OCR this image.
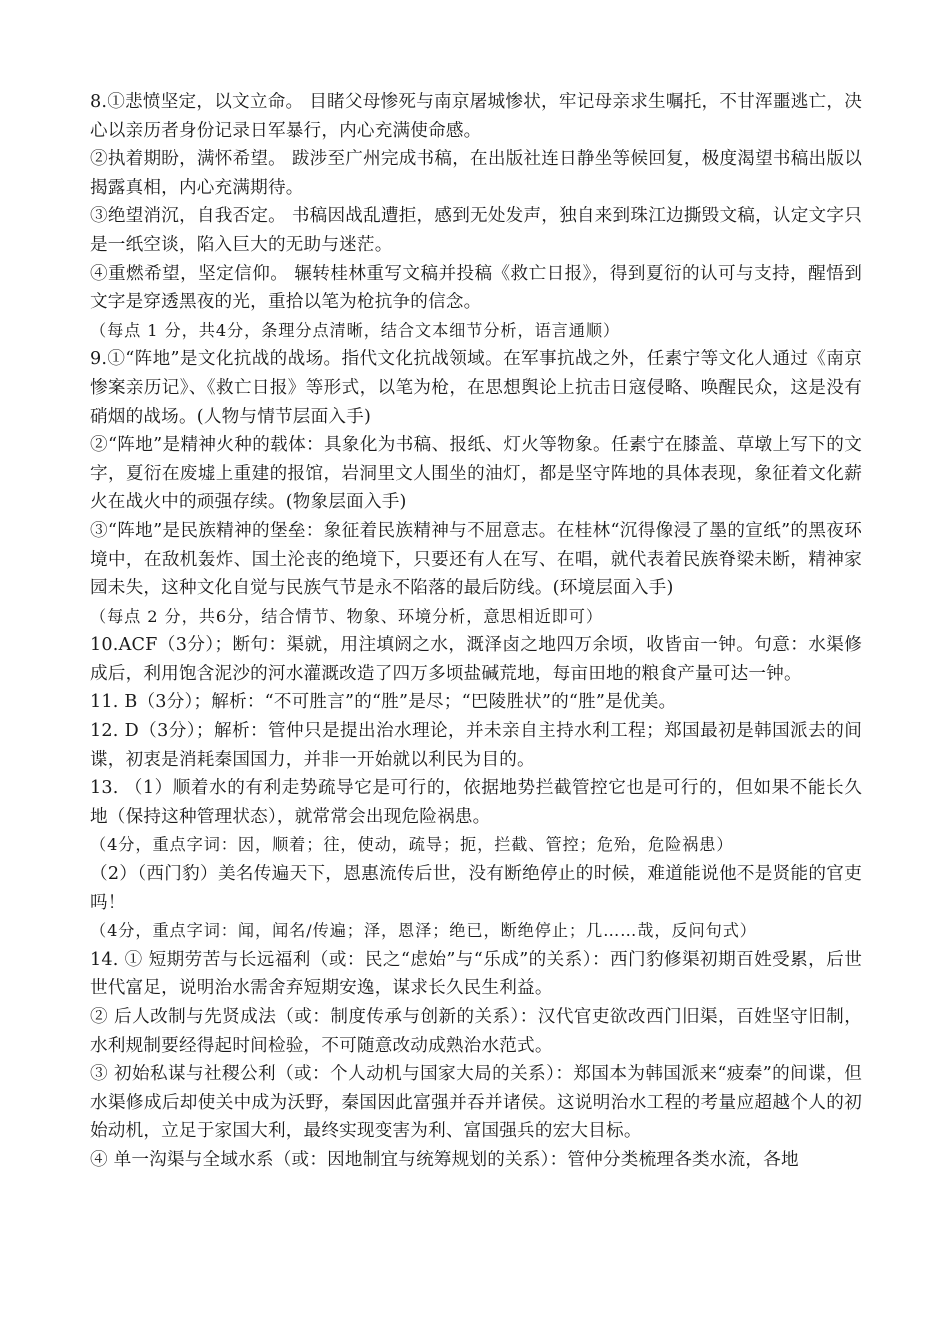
8.①悲愤坚定，以文立命。 目睹父母惨死与南京屠城惨状，牢记母亲求生嘱托，不甘浑噩逃亡，决心以亲历者身份记录日军暴行，内心充满使命感。

②执着期盼，满怀希望。 跋涉至广州完成书稿，在出版社连日静坐等候回复，极度渴望书稿出版以揭露真相，内心充满期待。

③绝望消沉，自我否定。 书稿因战乱遭拒，感到无处发声，独自来到珠江边撕毁文稿，认定文字只是一纸空谈，陷入巨大的无助与迷茫。

④重燃希望，坚定信仰。 辗转桂林重写文稿并投稿《救亡日报》，得到夏衍的认可与支持，醒悟到文字是穿透黑夜的光，重拾以笔为枪抗争的信念。

（每点 1 分，共4分，条理分点清晰，结合文本细节分析，语言通顺）

9.①“阵地”是文化抗战的战场。指代文化抗战领域。在军事抗战之外，任素宁等文化人通过《南京惨案亲历记》、《救亡日报》等形式，以笔为枪，在思想舆论上抗击日寇侵略、唤醒民众，这是没有硝烟的战场。(人物与情节层面入手)

②“阵地”是精神火种的载体：具象化为书稿、报纸、灯火等物象。任素宁在膝盖、草墩上写下的文字，夏衍在废墟上重建的报馆，岩洞里文人围坐的油灯，都是坚守阵地的具体表现，象征着文化薪火在战火中的顽强存续。(物象层面入手)

③“阵地”是民族精神的堡垒：象征着民族精神与不屈意志。在桂林“沉得像浸了墨的宣纸”的黑夜环境中，在敌机轰炸、国土沦丧的绝境下，只要还有人在写、在唱，就代表着民族脊梁未断，精神家园未失，这种文化自觉与民族气节是永不陷落的最后防线。(环境层面入手)

（每点 2 分，共6分，结合情节、物象、环境分析，意思相近即可）

10.ACF（3分）；断句：渠就，用注填阏之水，溉泽卤之地四万余顷，收皆亩一钟。句意：水渠修成后，利用饱含泥沙的河水灌溉改造了四万多顷盐碱荒地，每亩田地的粮食产量可达一钟。

11. B（3分）；解析：“不可胜言”的“胜”是尽；“巴陵胜状”的“胜”是优美。

12. D（3分）；解析：管仲只是提出治水理论，并未亲自主持水利工程；郑国最初是韩国派去的间谍，初衷是消耗秦国国力，并非一开始就以利民为目的。

13. （1）顺着水的有利走势疏导它是可行的，依据地势拦截管控它也是可行的，但如果不能长久地（保持这种管理状态），就常常会出现危险祸患。

（4分，重点字词：因，顺着；往，使动，疏导；扼，拦截、管控；危殆，危险祸患）

（2）（西门豹）美名传遍天下，恩惠流传后世，没有断绝停止的时候，难道能说他不是贤能的官吏吗！

（4分，重点字词：闻，闻名/传遍；泽，恩泽；绝已，断绝停止；几……哉，反问句式）

14. ① 短期劳苦与长远福利（或：民之“虑始”与“乐成”的关系）：西门豹修渠初期百姓受累，后世世代富足，说明治水需舍弃短期安逸，谋求长久民生利益。

② 后人改制与先贤成法（或：制度传承与创新的关系）：汉代官吏欲改西门旧渠，百姓坚守旧制，水利规制要经得起时间检验，不可随意改动成熟治水范式。

③ 初始私谋与社稷公利（或：个人动机与国家大局的关系）：郑国本为韩国派来“疲秦”的间谍，但水渠修成后却使关中成为沃野，秦国因此富强并吞并诸侯。这说明治水工程的考量应超越个人的初始动机，立足于家国大利，最终实现变害为利、富国强兵的宏大目标。

④ 单一沟渠与全域水系（或：因地制宜与统筹规划的关系）：管仲分类梳理各类水流，各地
